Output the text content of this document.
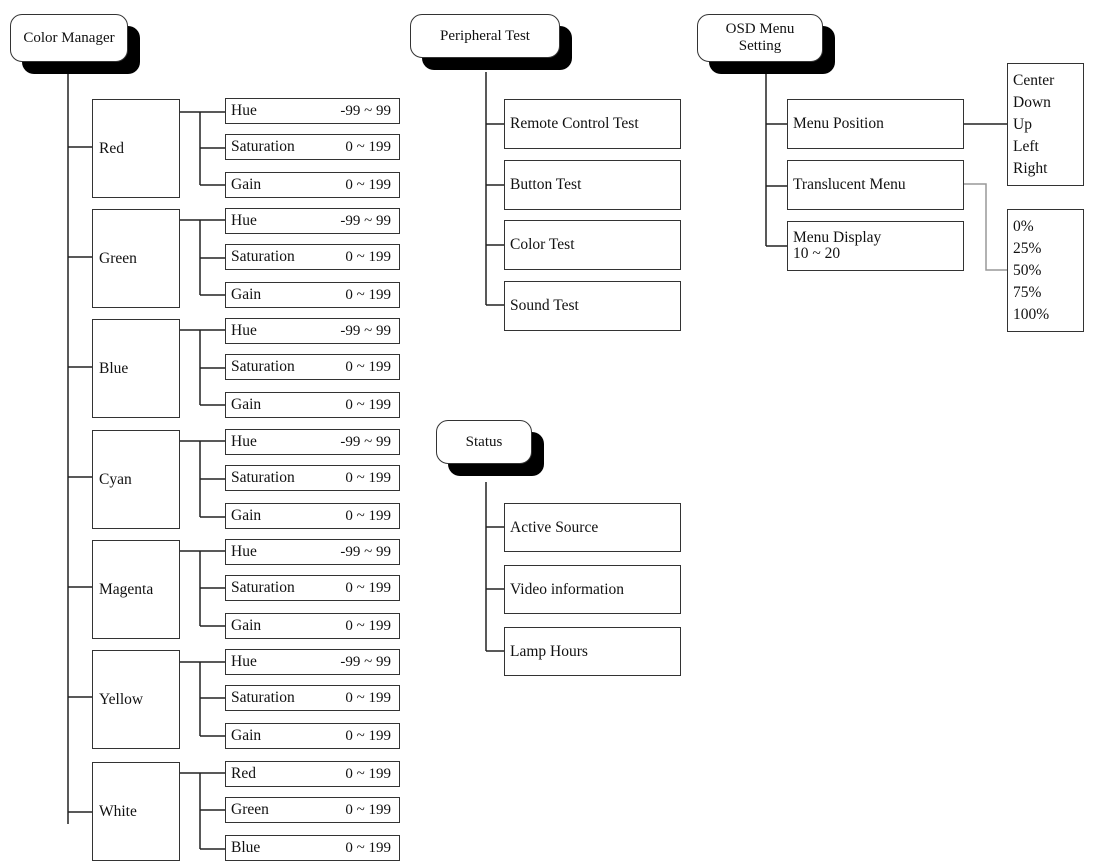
Color Manager
Red
Hue	-99 ~ 99
Saturation	0 ~ 199
Gain	0 ~ 199
Green
Hue	-99 ~ 99
Saturation	0 ~ 199
Gain	0 ~ 199
Blue
Hue	-99 ~ 99
Saturation	0 ~ 199
Gain	0 ~ 199
Cyan
Hue	-99 ~ 99
Saturation	0 ~ 199
Gain	0 ~ 199
Magenta
Hue	-99 ~ 99
Saturation	0 ~ 199
Gain	0 ~ 199
Yellow
Hue	-99 ~ 99
Saturation	0 ~ 199
Gain	0 ~ 199
White
Red	0 ~ 199
Green	0 ~ 199
Blue	0 ~ 199
Peripheral Test
Remote Control Test
Button Test
Color Test
Sound Test
Status
Active Source
Video information
Lamp Hours
OSD Menu
Setting
Menu Position
Translucent Menu
Menu Display
10 ~ 20
Center
Down
Up
Left
Right
0%
25%
50%
75%
100%
